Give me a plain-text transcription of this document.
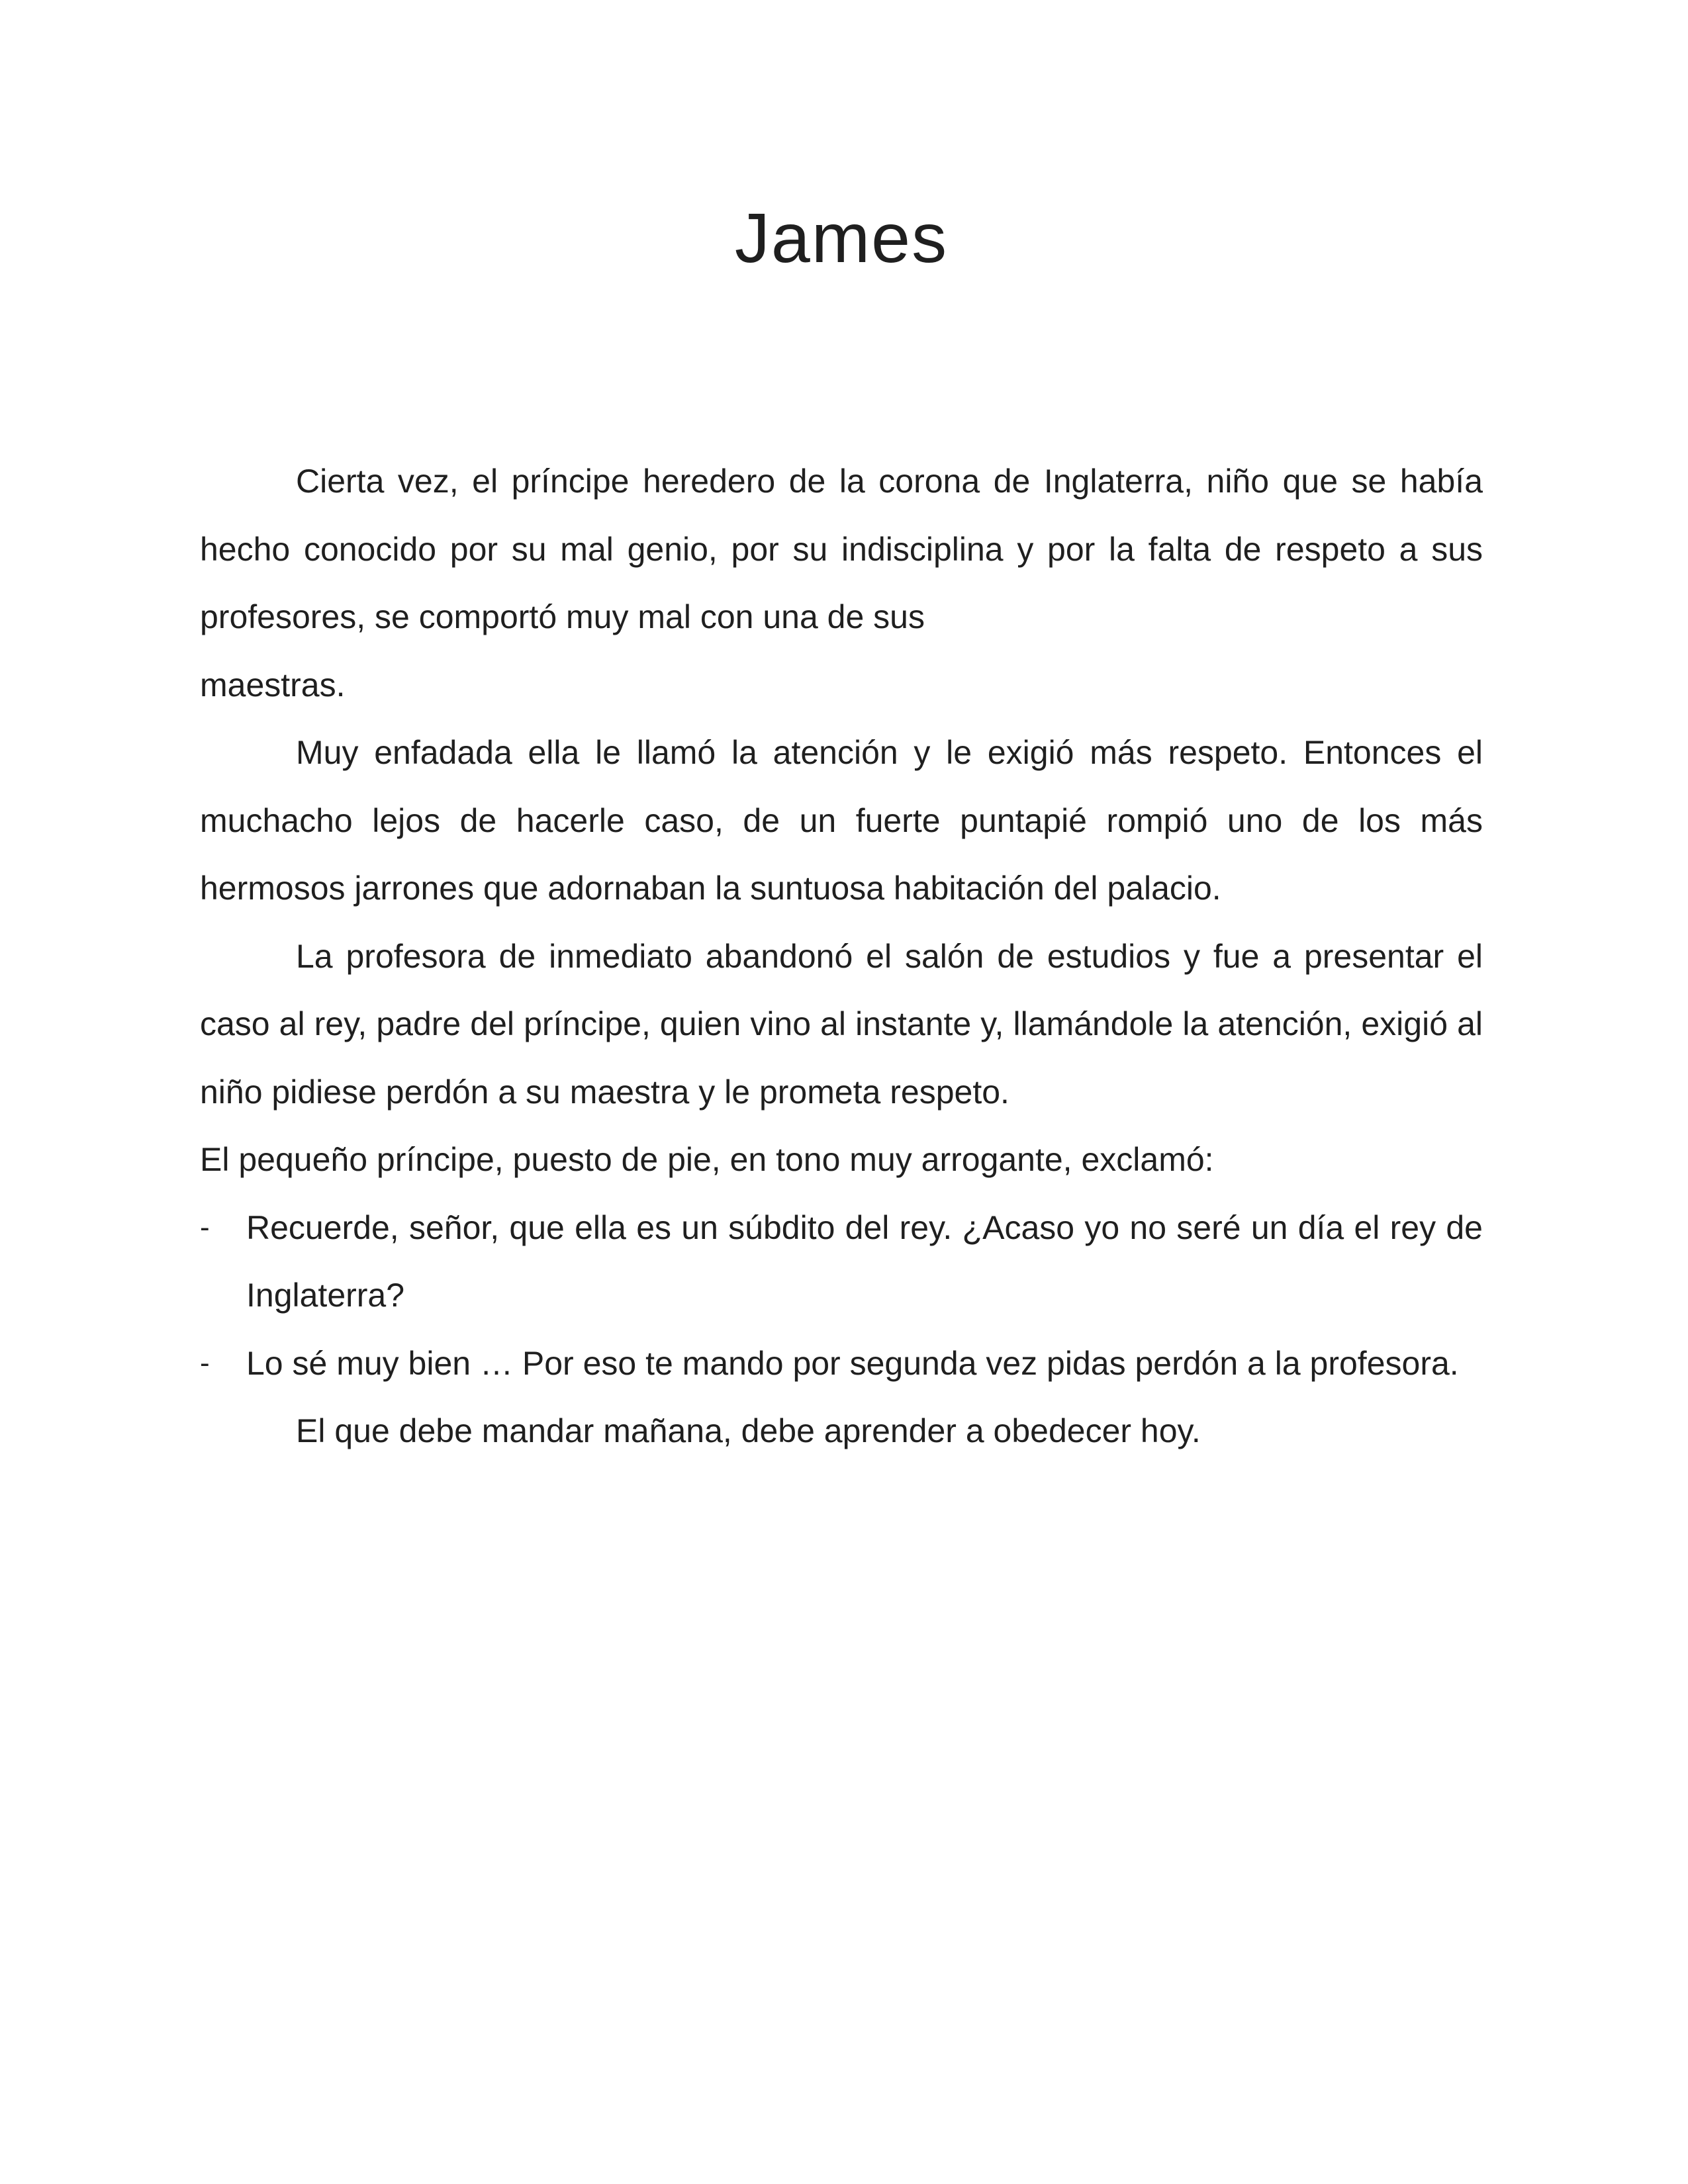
James

Cierta vez, el príncipe heredero de la corona de Inglaterra, niño que se había hecho conocido por su mal genio, por su indisciplina y por la falta de respeto a sus profesores, se comportó muy mal con una de sus

maestras.

Muy enfadada ella le llamó la atención y le exigió más respeto. Entonces el muchacho lejos de hacerle caso, de un fuerte puntapié rompió uno de los más hermosos jarrones que adornaban la suntuosa habitación del palacio.

La profesora de inmediato abandonó el salón de estudios y fue a presentar el caso al rey, padre del príncipe, quien vino al instante y, llamándole la atención, exigió al niño pidiese perdón a su maestra y le prometa respeto.

El pequeño príncipe, puesto de pie, en tono muy arrogante, exclamó:

-	Recuerde, señor, que ella es un súbdito del rey. ¿Acaso yo no seré un día el rey de Inglaterra?
-	Lo sé muy bien … Por eso te mando por segunda vez pidas perdón a la profesora.

El que debe mandar mañana, debe aprender a obedecer hoy.
